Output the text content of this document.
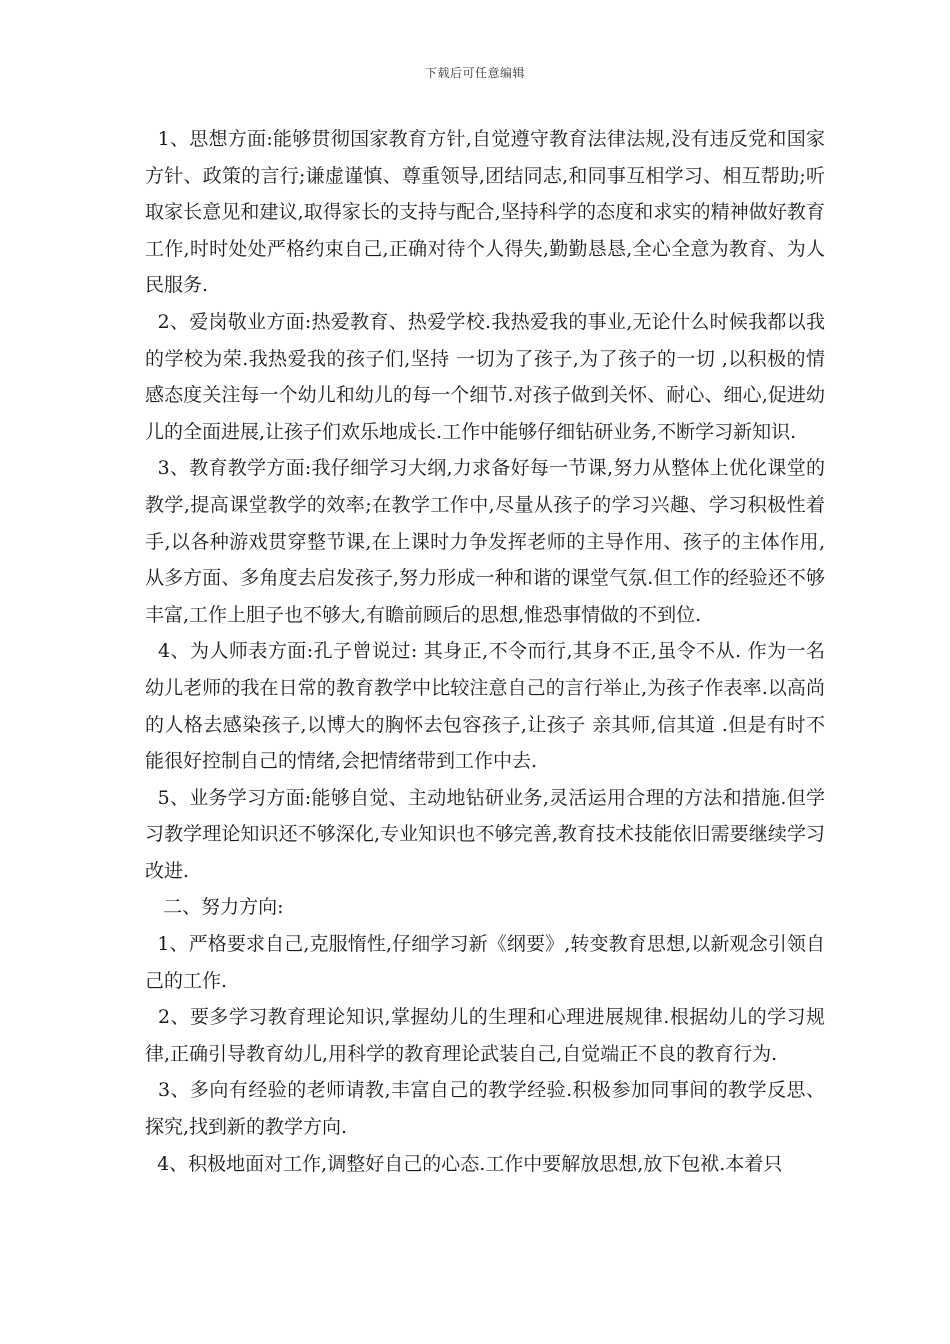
下载后可任意编辑

1、思想方面:能够贯彻国家教育方针,自觉遵守教育法律法规,没有违反党和国家方针、政策的言行;谦虚谨慎、尊重领导,团结同志,和同事互相学习、相互帮助;听取家长意见和建议,取得家长的支持与配合,坚持科学的态度和求实的精神做好教育工作,时时处处严格约束自己,正确对待个人得失,勤勤恳恳,全心全意为教育、为人民服务.

2、爱岗敬业方面:热爱教育、热爱学校.我热爱我的事业,无论什么时候我都以我的学校为荣.我热爱我的孩子们,坚持 一切为了孩子,为了孩子的一切 ,以积极的情感态度关注每一个幼儿和幼儿的每一个细节.对孩子做到关怀、耐心、细心,促进幼儿的全面进展,让孩子们欢乐地成长.工作中能够仔细钻研业务,不断学习新知识.

3、教育教学方面:我仔细学习大纲,力求备好每一节课,努力从整体上优化课堂的教学,提高课堂教学的效率;在教学工作中,尽量从孩子的学习兴趣、学习积极性着手,以各种游戏贯穿整节课,在上课时力争发挥老师的主导作用、孩子的主体作用,从多方面、多角度去启发孩子,努力形成一种和谐的课堂气氛.但工作的经验还不够丰富,工作上胆子也不够大,有瞻前顾后的思想,惟恐事情做的不到位.

4、为人师表方面:孔子曾说过: 其身正,不令而行,其身不正,虽令不从. 作为一名幼儿老师的我在日常的教育教学中比较注意自己的言行举止,为孩子作表率.以高尚的人格去感染孩子,以博大的胸怀去包容孩子,让孩子 亲其师,信其道 .但是有时不能很好控制自己的情绪,会把情绪带到工作中去.

5、业务学习方面:能够自觉、主动地钻研业务,灵活运用合理的方法和措施.但学习教学理论知识还不够深化,专业知识也不够完善,教育技术技能依旧需要继续学习改进.

二、努力方向:

1、严格要求自己,克服惰性,仔细学习新《纲要》,转变教育思想,以新观念引领自己的工作.

2、要多学习教育理论知识,掌握幼儿的生理和心理进展规律.根据幼儿的学习规律,正确引导教育幼儿,用科学的教育理论武装自己,自觉端正不良的教育行为.

3、多向有经验的老师请教,丰富自己的教学经验.积极参加同事间的教学反思、探究,找到新的教学方向.

4、积极地面对工作,调整好自己的心态.工作中要解放思想,放下包袱.本着只
